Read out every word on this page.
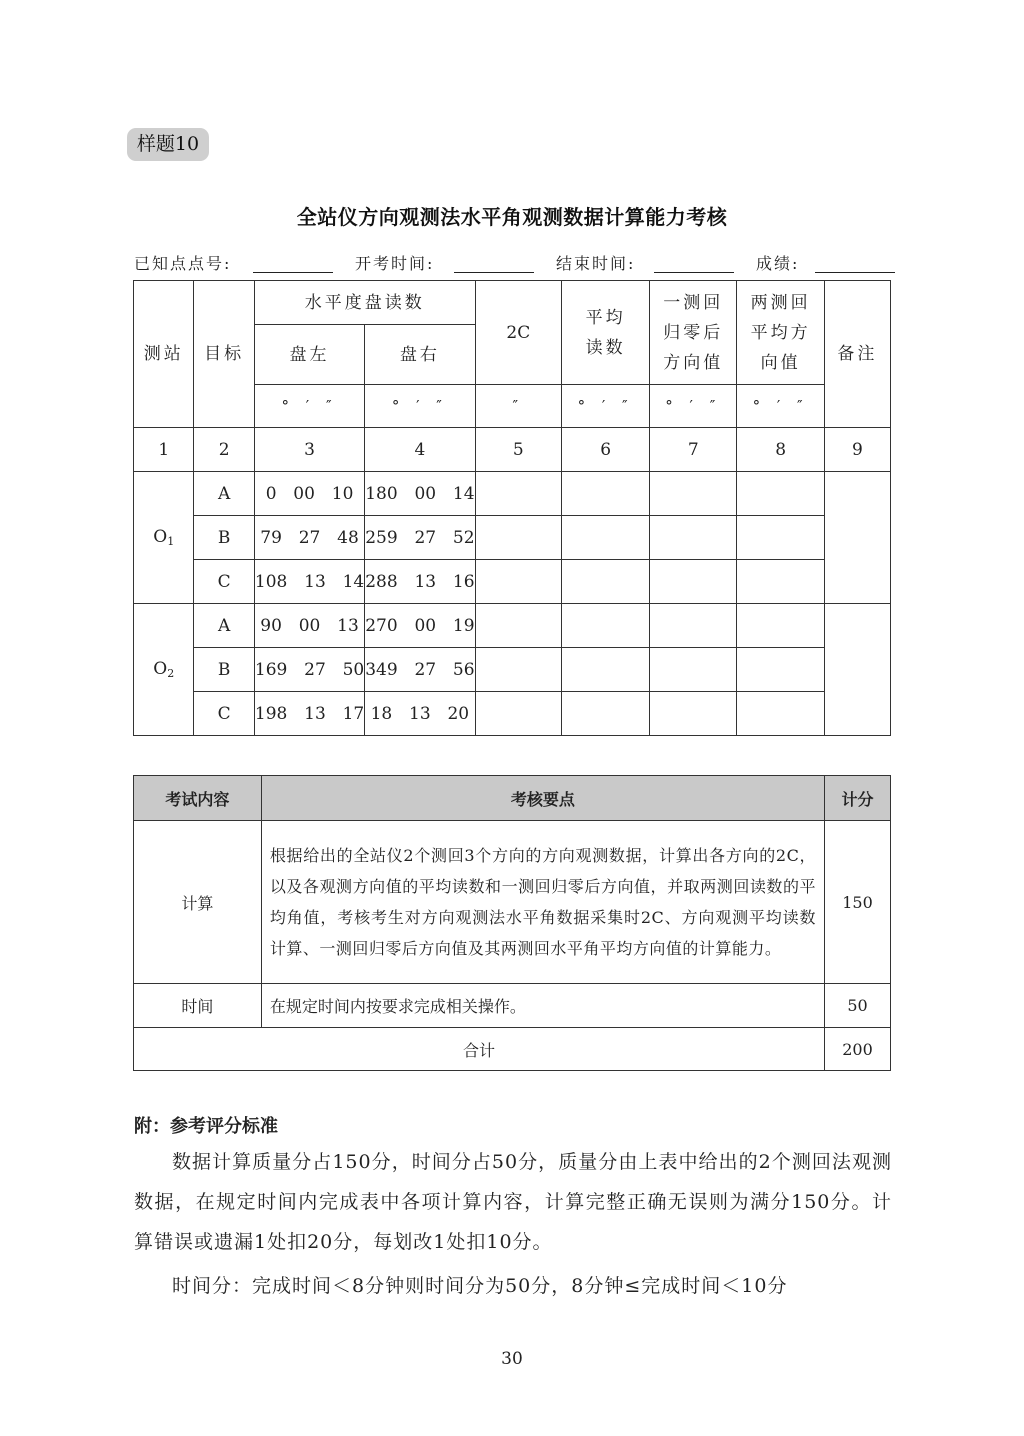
样题10
全站仪方向观测法水平角观测数据计算能力考核
已知点点号:	开考时间:	结束时间:	成绩:
测站	目标	水平度盘读数		2C	平均读数	一测回归零后方向值	两测回平均方向值	备注
		盘左	盘右					
		° ′ ″	° ′ ″	″	° ′ ″	° ′ ″	° ′ ″	
1	2	3	4	5	6	7	8	9
$O_1$	A	0  00  10	180  00  14					
	B	79  27  48	259  27  52					
	C	108  13  14	288  13  16					
$O_2$	A	90  00  13	270  00  19					
	B	169  27  50	349  27  56					
	C	198  13  17	18  13  20					
考试内容	考核要点	计分
计算	根据给出的全站仪2个测回3个方向的方向观测数据，计算出各方向的2C，以及各观测方向值的平均读数和一测回归零后方向值，并取两测回读数的平均角值，考核考生对方向观测法水平角数据采集时2C、方向观测平均读数计算、一测回归零后方向值及其两测回水平角平均方向值的计算能力。	150
时间	在规定时间内按要求完成相关操作。	50
合计		200
附：参考评分标准
数据计算质量分占150分，时间分占50分，质量分由上表中给出的2个测回法观测数据，在规定时间内完成表中各项计算内容，计算完整正确无误则为满分150分。计算错误或遗漏1处扣20分，每划改1处扣10分。
时间分：完成时间＜8分钟则时间分为50分，8分钟≤完成时间＜10分
30
